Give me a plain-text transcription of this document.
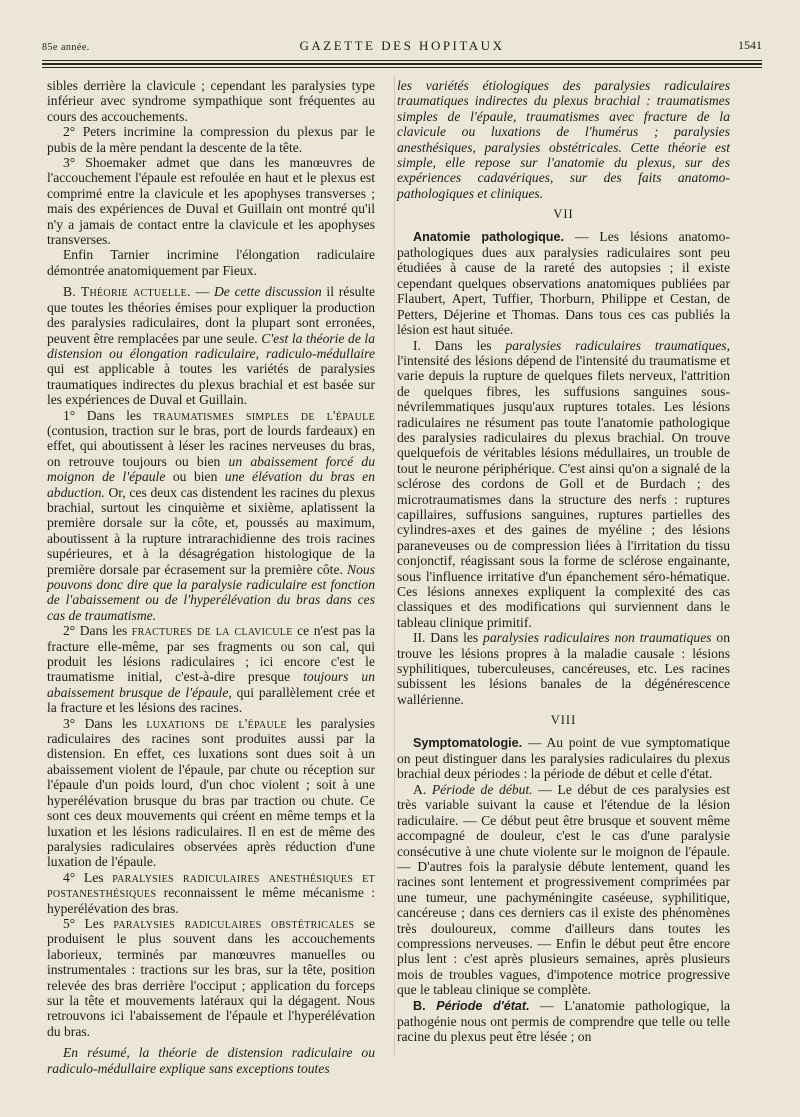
85e année.	GAZETTE DES HOPITAUX	1541

sibles derrière la clavicule ; cependant les paralysies type inférieur avec syndrome sympathique sont fréquentes au cours des accouchements.

2° Peters incrimine la compression du plexus par le pubis de la mère pendant la descente de la tête.

3° Shoemaker admet que dans les manœuvres de l'accouchement l'épaule est refoulée en haut et le plexus est comprimé entre la clavicule et les apophyses transverses ; mais des expériences de Duval et Guillain ont montré qu'il n'y a jamais de contact entre la clavicule et les apophyses transverses.

Enfin Tarnier incrimine l'élongation radiculaire démontrée anatomiquement par Fieux.

B. Théorie actuelle. — De cette discussion il résulte que toutes les théories émises pour expliquer la production des paralysies radiculaires, dont la plupart sont erronées, peuvent être remplacées par une seule. C'est la théorie de la distension ou élongation radiculaire, radiculo-médullaire qui est applicable à toutes les variétés de paralysies traumatiques indirectes du plexus brachial et est basée sur les expériences de Duval et Guillain.

1° Dans les traumatismes simples de l'épaule (contusion, traction sur le bras, port de lourds fardeaux) en effet, qui aboutissent à léser les racines nerveuses du bras, on retrouve toujours ou bien un abaissement forcé du moignon de l'épaule ou bien une élévation du bras en abduction. Or, ces deux cas distendent les racines du plexus brachial, surtout les cinquième et sixième, aplatissent la première dorsale sur la côte, et, poussés au maximum, aboutissent à la rupture intrarachidienne des trois racines supérieures, et à la désagrégation histologique de la première dorsale par écrasement sur la première côte. Nous pouvons donc dire que la paralysie radiculaire est fonction de l'abaissement ou de l'hyperélévation du bras dans ces cas de traumatisme.

2° Dans les fractures de la clavicule ce n'est pas la fracture elle-même, par ses fragments ou son cal, qui produit les lésions radiculaires ; ici encore c'est le traumatisme initial, c'est-à-dire presque toujours un abaissement brusque de l'épaule, qui parallèlement crée et la fracture et les lésions des racines.

3° Dans les luxations de l'épaule les paralysies radiculaires des racines sont produites aussi par la distension. En effet, ces luxations sont dues soit à un abaissement violent de l'épaule, par chute ou réception sur l'épaule d'un poids lourd, d'un choc violent ; soit à une hyperélévation brusque du bras par traction ou chute. Ce sont ces deux mouvements qui créent en même temps et la luxation et les lésions radiculaires. Il en est de même des paralysies radiculaires observées après réduction d'une luxation de l'épaule.

4° Les paralysies radiculaires anesthésiques et postanesthésiques reconnaissent le même mécanisme : hyperélévation des bras.

5° Les paralysies radiculaires obstétricales se produisent le plus souvent dans les accouchements laborieux, terminés par manœuvres manuelles ou instrumentales : tractions sur les bras, sur la tête, position relevée des bras derrière l'occiput ; application du forceps sur la tête et mouvements latéraux qui la dégagent. Nous retrouvons ici l'abaissement de l'épaule et l'hyperélévation du bras.

En résumé, la théorie de distension radiculaire ou radiculo-médullaire explique sans exceptions toutes

les variétés étiologiques des paralysies radiculaires traumatiques indirectes du plexus brachial : traumatismes simples de l'épaule, traumatismes avec fracture de la clavicule ou luxations de l'humérus ; paralysies anesthésiques, paralysies obstétricales. Cette théorie est simple, elle repose sur l'anatomie du plexus, sur des expériences cadavériques, sur des faits anatomo-pathologiques et cliniques.

VII

Anatomie pathologique. — Les lésions anatomo-pathologiques dues aux paralysies radiculaires sont peu étudiées à cause de la rareté des autopsies ; il existe cependant quelques observations anatomiques publiées par Flaubert, Apert, Tuffier, Thorburn, Philippe et Cestan, de Petters, Déjerine et Thomas. Dans tous ces cas publiés la lésion est haut située.

I. Dans les paralysies radiculaires traumatiques, l'intensité des lésions dépend de l'intensité du traumatisme et varie depuis la rupture de quelques filets nerveux, l'attrition de quelques fibres, les suffusions sanguines sous-névrilemmatiques jusqu'aux ruptures totales. Les lésions radiculaires ne résument pas toute l'anatomie pathologique des paralysies radiculaires du plexus brachial. On trouve quelquefois de véritables lésions médullaires, un trouble de tout le neurone périphérique. C'est ainsi qu'on a signalé de la sclérose des cordons de Goll et de Burdach ; des microtraumatismes dans la structure des nerfs : ruptures capillaires, suffusions sanguines, ruptures partielles des cylindres-axes et des gaines de myéline ; des lésions paraneveuses ou de compression liées à l'irritation du tissu conjonctif, réagissant sous la forme de sclérose engainante, sous l'influence irritative d'un épanchement séro-hématique. Ces lésions annexes expliquent la complexité des cas classiques et des modifications qui surviennent dans le tableau clinique primitif.

II. Dans les paralysies radiculaires non traumatiques on trouve les lésions propres à la maladie causale : lésions syphilitiques, tuberculeuses, cancéreuses, etc. Les racines subissent les lésions banales de la dégénérescence wallérienne.

VIII

Symptomatologie. — Au point de vue symptomatique on peut distinguer dans les paralysies radiculaires du plexus brachial deux périodes : la période de début et celle d'état.

A. Période de début. — Le début de ces paralysies est très variable suivant la cause et l'étendue de la lésion radiculaire. — Ce début peut être brusque et souvent même accompagné de douleur, c'est le cas d'une paralysie consécutive à une chute violente sur le moignon de l'épaule. — D'autres fois la paralysie débute lentement, quand les racines sont lentement et progressivement comprimées par une tumeur, une pachyméningite caséeuse, syphilitique, cancéreuse ; dans ces derniers cas il existe des phénomènes très douloureux, comme d'ailleurs dans toutes les compressions nerveuses. — Enfin le début peut être encore plus lent : c'est après plusieurs semaines, après plusieurs mois de troubles vagues, d'impotence motrice progressive que le tableau clinique se complète.

B. Période d'état. — L'anatomie pathologique, la pathogénie nous ont permis de comprendre que telle ou telle racine du plexus peut être lésée ; on
